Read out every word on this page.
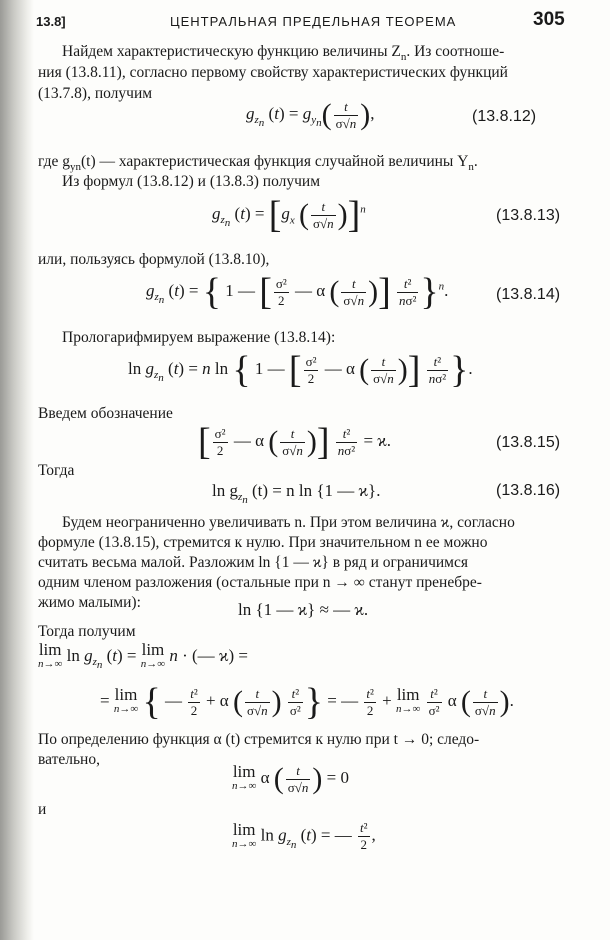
13.8]	ЦЕНТРАЛЬНАЯ ПРЕДЕЛЬНАЯ ТЕОРЕМА	305
Найдем характеристическую функцию величины $Z_n$. Из соотноше-
ния (13.8.11), согласно первому свойству характеристических функций
(13.7.8), получим
$g_{z_n}$ $(t) = g_{y_n}( \frac{t}{\sigma√n}$ ),	(13.8.12)
где $g_{yn}(t)$ — характеристическая функция случайной величины $Y_n$.
Из формул (13.8.12) и (13.8.3) получим
$g_{z_n}$ $(t) = [g_x$ ( $\frac{t}{\sigma√n} )]^n$	(13.8.13)
или, пользуясь формулой (13.8.10),
$g_{z_n}$ (t) = { 1 — [ $\frac{\text{σ²}}{2}$ — α ( $\frac{t}{\sigma√n}$ )] $\frac{\text{t²}}{\text{nσ²}} \}^n$.	(13.8.14)
Прологарифмируем выражение (13.8.14):
$\ln g_{z_n}$ (t) = n ln { 1 — [ $\frac{\text{σ²}}{2}$ — α ( $\frac{t}{\sigma√n}$ )] $\frac{\text{t²}}{\text{nσ²}}$ }.
Введем обозначение
[ $\frac{\text{σ²}}{2}$ — α ( $\frac{t}{\sigma√n}$ )] $\frac{\text{t²}}{\text{nσ²}} = ϰ$.	(13.8.15)
Тогда
$\ln g_{z_n}$ (t) = n ln {1 — ϰ}.	(13.8.16)
Будем неограниченно увеличивать n. При этом величина ϰ, согласно
формуле (13.8.15), стремится к нулю. При значительном n ее можно
считать весьма малой. Разложим ln {1 — ϰ} в ряд и ограничимся
одним членом разложения (остальные при n → ∞ станут пренебре-
жимо малыми):	ln {1 — ϰ} ≈ — ϰ.
Тогда получим
lim
n→∞ $\ln g_{z_n}$ (t) = lim
n→∞ n · (— ϰ) =
= lim
n→∞ { — $\frac{\text{t²}}{2} + \alpha$ ( $\frac{t}{\sigma√n}$ ) $\frac{\text{t²}}{\text{σ²}}$ } = — $\frac{\text{t²}}{2} + \lim$
n→∞
$\frac{\text{t²}}{\text{σ²}}$ α ( $\frac{t}{\sigma√n}$ ).
По определению функция α (t) стремится к нулю при t → 0; следо-
вательно,
lim
n→∞ α ( $\frac{t}{\sigma√n}$ ) = 0
и
lim
n→∞ $\ln g_{z_n}$ (t) = — $\frac{\text{t²}}{2}$ ,
